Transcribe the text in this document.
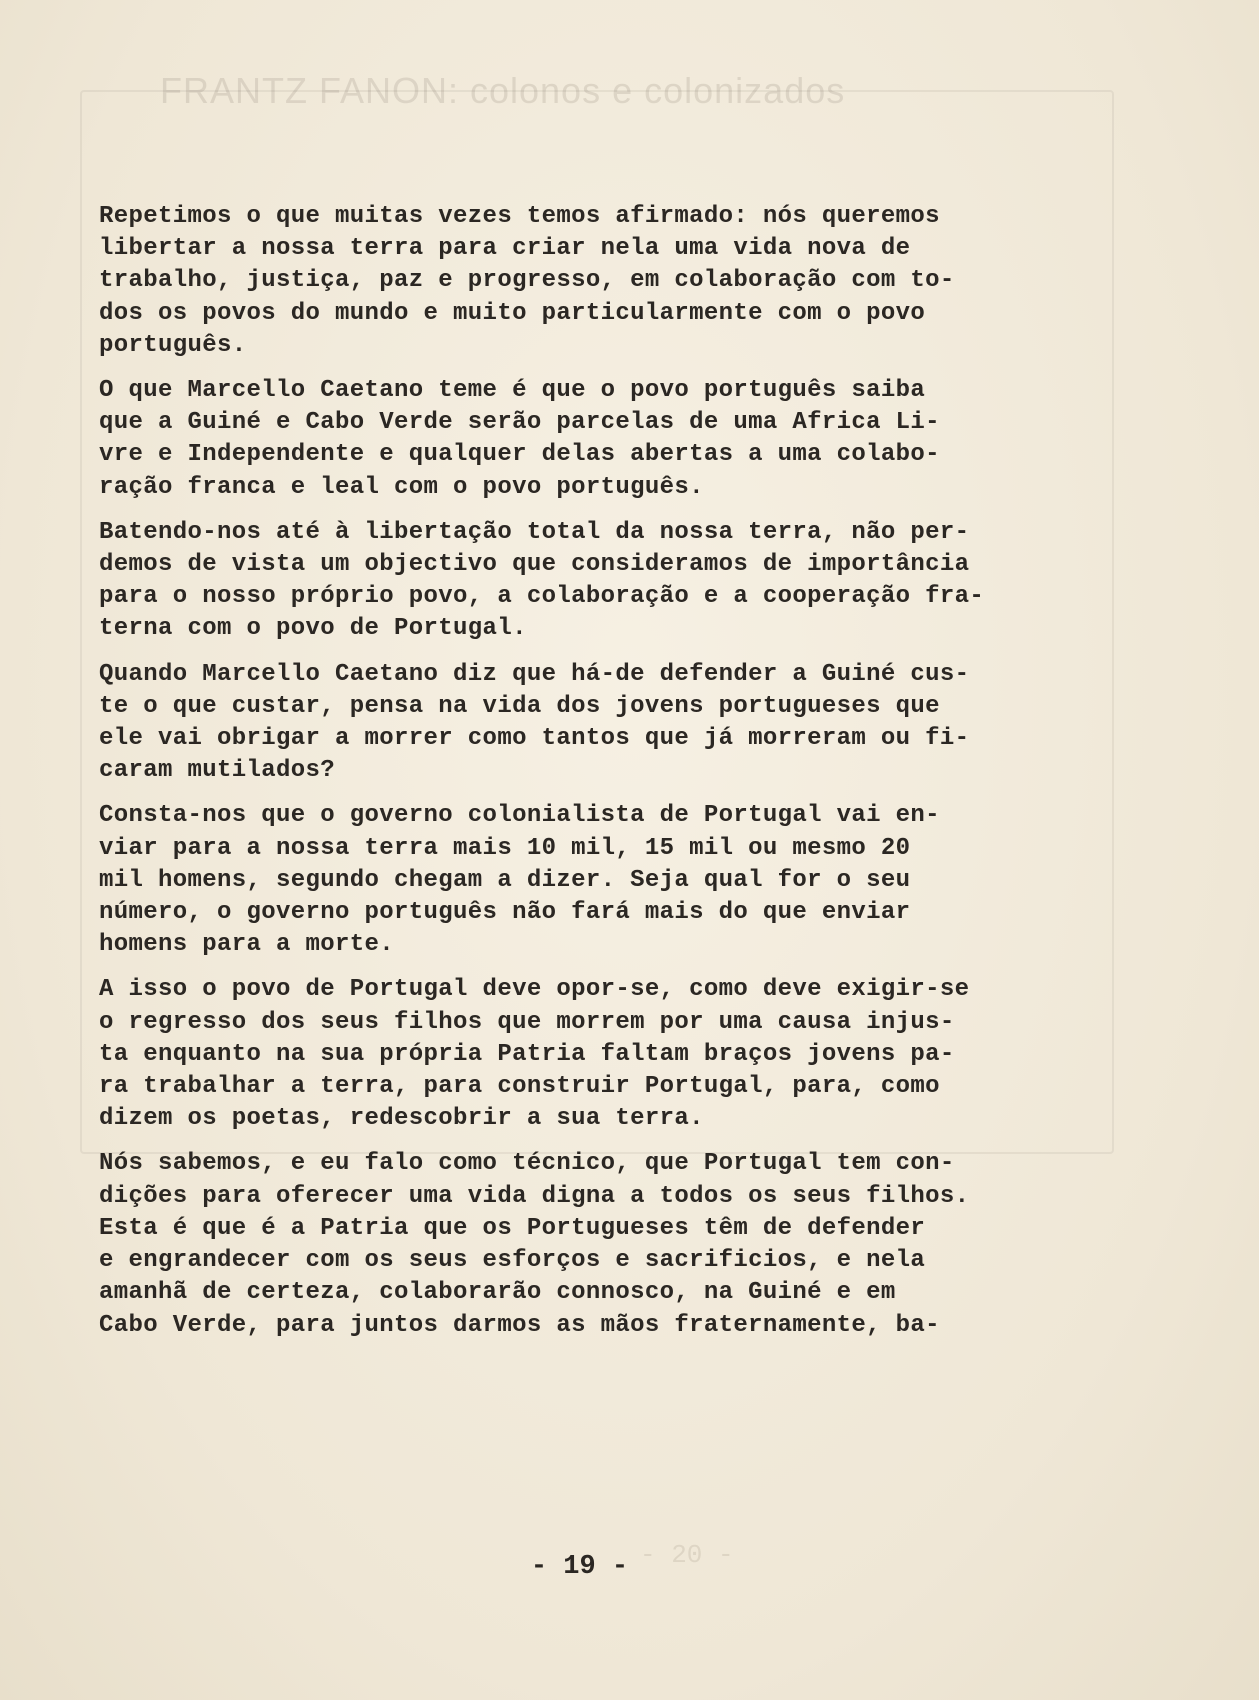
FRANTZ FANON: colonos e colonizados
- 20 -

Repetimos o que muitas vezes temos afirmado: nós queremos
libertar a nossa terra para criar nela uma vida nova de
trabalho, justiça, paz e progresso, em colaboração com to-
dos os povos do mundo e muito particularmente com o povo
português.

O que Marcello Caetano teme é que o povo português saiba
que a Guiné e Cabo Verde serão parcelas de uma Africa Li-
vre e Independente e qualquer delas abertas a uma colabo-
ração franca e leal com o povo português.

Batendo-nos até à libertação total da nossa terra, não per-
demos de vista um objectivo que consideramos de importância
para o nosso próprio povo, a colaboração e a cooperação fra-
terna com o povo de Portugal.

Quando Marcello Caetano diz que há-de defender a Guiné cus-
te o que custar, pensa na vida dos jovens portugueses que
ele vai obrigar a morrer como tantos que já morreram ou fi-
caram mutilados?

Consta-nos que o governo colonialista de Portugal vai en-
viar para a nossa terra mais 10 mil, 15 mil ou mesmo 20
mil homens, segundo chegam a dizer. Seja qual for o seu
número, o governo português não fará mais do que enviar
homens para a morte.

A isso o povo de Portugal deve opor-se, como deve exigir-se
o regresso dos seus filhos que morrem por uma causa injus-
ta enquanto na sua própria Patria faltam braços jovens pa-
ra trabalhar a terra, para construir Portugal, para, como
dizem os poetas, redescobrir a sua terra.

Nós sabemos, e eu falo como técnico, que Portugal tem con-
dições para oferecer uma vida digna a todos os seus filhos.
Esta é que é a Patria que os Portugueses têm de defender
e engrandecer com os seus esforços e sacrificios, e nela
amanhã de certeza, colaborarão connosco, na Guiné e em
Cabo Verde, para juntos darmos as mãos fraternamente, ba-

- 19 -
